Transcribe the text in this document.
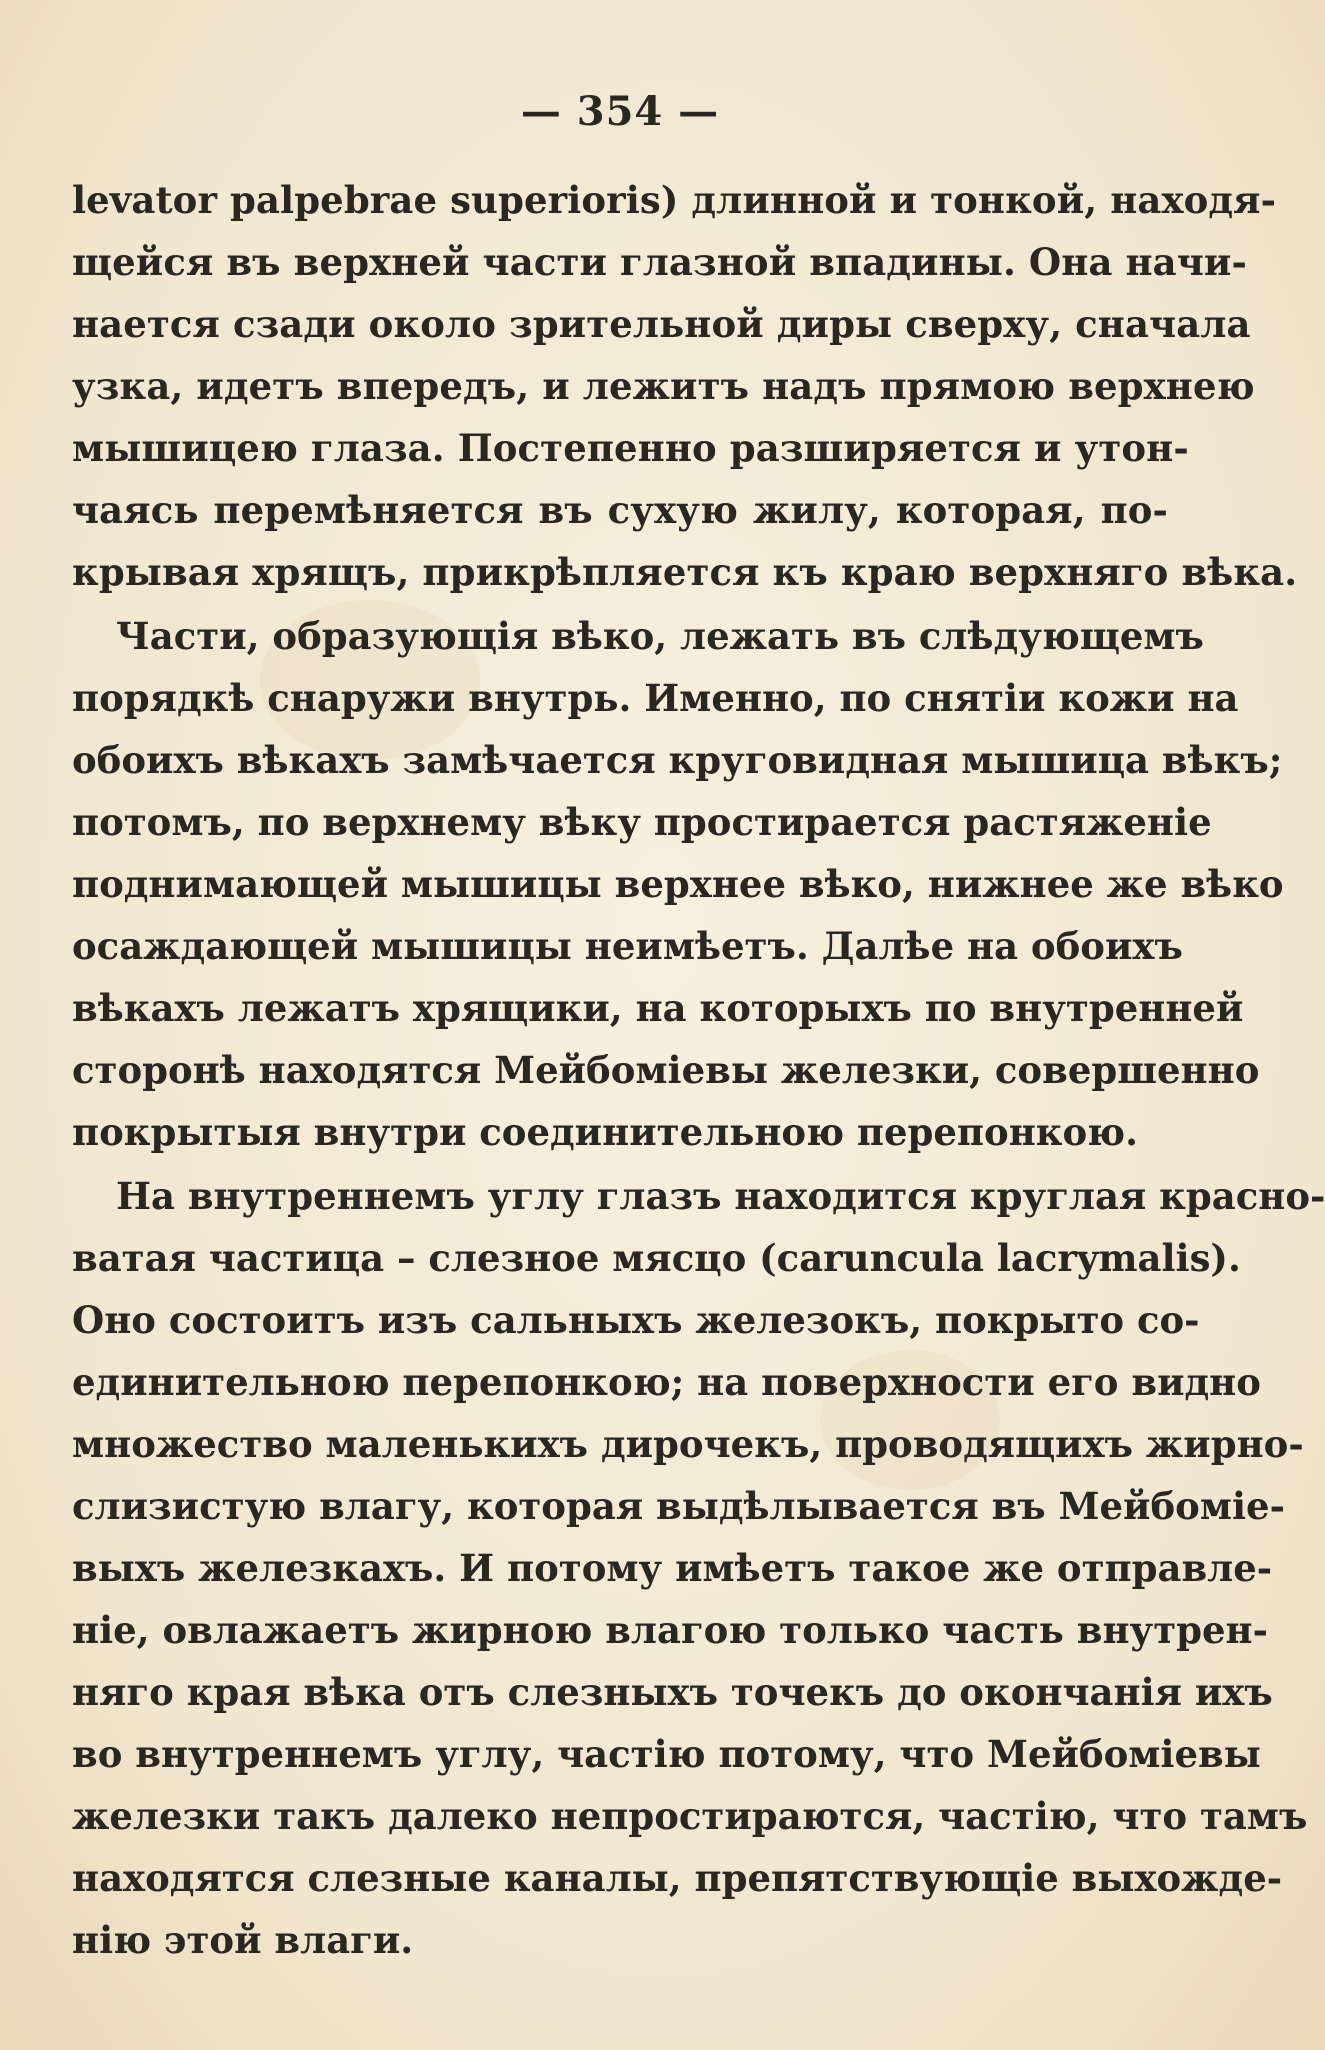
— 354 —
levator palpebrae superioris) длинной и тонкой, находя-
щейся въ верхней части глазной впадины. Она начи-
нается сзади около зрительной диры сверху, сначала
узка, идетъ впередъ, и лежитъ надъ прямою верхнею
мышицею глаза. Постепенно разширяется и утон-
чаясь перемѣняется въ сухую жилу, которая, по-
крывая хрящъ, прикрѣпляется къ краю верхняго вѣка.
Части, образующія вѣко, лежать въ слѣдующемъ
порядкѣ снаружи внутрь. Именно, по снятіи кожи на
обоихъ вѣкахъ замѣчается круговидная мышица вѣкъ;
потомъ, по верхнему вѣку простирается растяженіе
поднимающей мышицы верхнее вѣко, нижнее же вѣко
осаждающей мышицы неимѣетъ. Далѣе на обоихъ
вѣкахъ лежатъ хрящики, на которыхъ по внутренней
сторонѣ находятся Мейбоміевы железки, совершенно
покрытыя внутри соединительною перепонкою.
На внутреннемъ углу глазъ находится круглая красно-
ватая частица – слезное мясцо (caruncula lacrymalis).
Оно состоитъ изъ сальныхъ железокъ, покрыто со-
единительною перепонкою; на поверхности его видно
множество маленькихъ дирочекъ, проводящихъ жирно-
слизистую влагу, которая выдѣлывается въ Мейбоміе-
выхъ железкахъ. И потому имѣетъ такое же отправле-
ніе, овлажаетъ жирною влагою только часть внутрен-
няго края вѣка отъ слезныхъ точекъ до окончанія ихъ
во внутреннемъ углу, частію потому, что Мейбоміевы
железки такъ далеко непростираются, частію, что тамъ
находятся слезные каналы, препятствующіе выхожде-
нію этой влаги.
